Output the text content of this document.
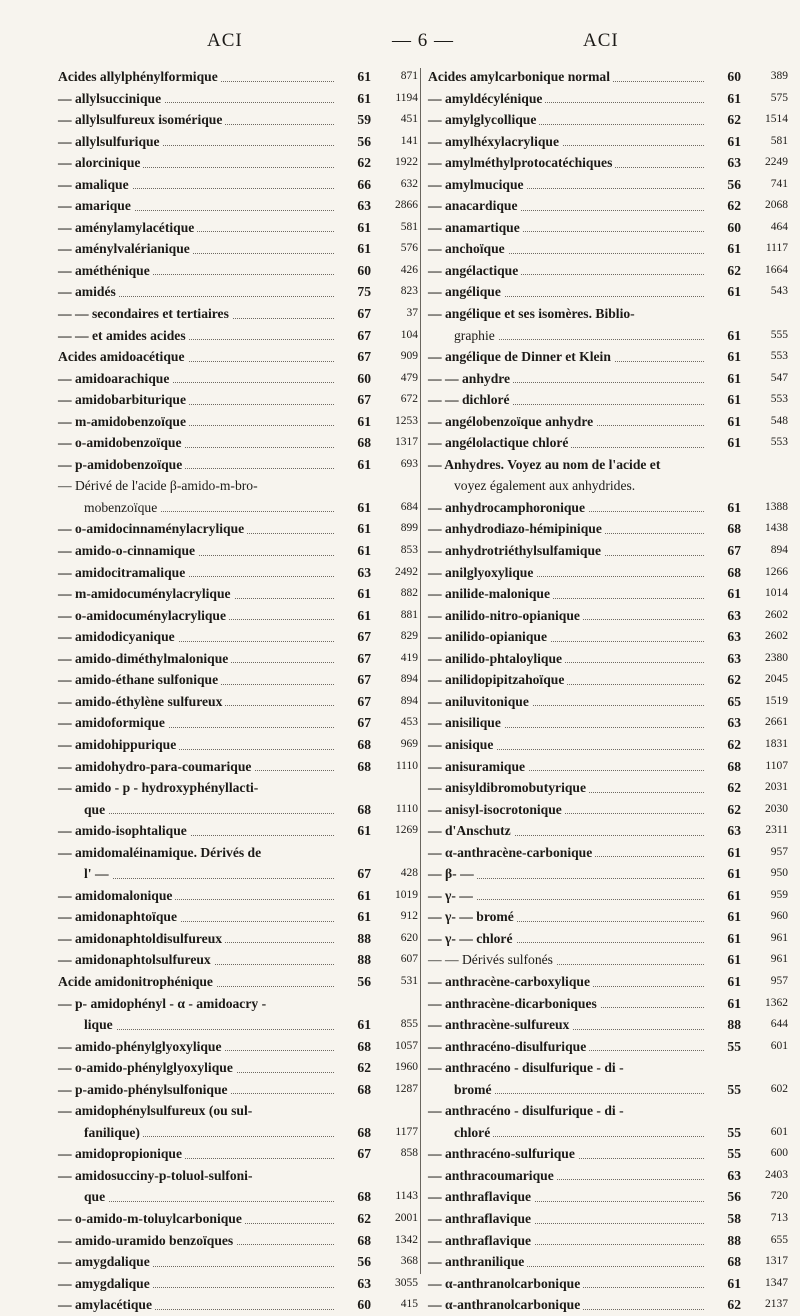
ACI	— 6 —	ACI
Acides allylphénylformique	61	871
— allylsuccinique	61	1194
— allylsulfureux isomérique	59	451
— allylsulfurique	56	141
— alorcinique	62	1922
— amalique	66	632
— amarique	63	2866
— aménylamylacétique	61	581
— aménylvalérianique	61	576
— améthénique	60	426
— amidés	75	823
— — secondaires et tertiaires	67	37
— — et amides acides	67	104
Acides amidoacétique	67	909
— amidoarachique	60	479
— amidobarbiturique	67	672
— m-amidobenzoïque	61	1253
— o-amidobenzoïque	68	1317
— p-amidobenzoïque	61	693
— Dérivé de l'acide β-amido-m-bro-
mobenzoïque	61	684
— o-amidocinnaménylacrylique	61	899
— amido-o-cinnamique	61	853
— amidocitramalique	63	2492
— m-amidocuménylacrylique	61	882
— o-amidocuménylacrylique	61	881
— amidodicyanique	67	829
— amido-diméthylmalonique	67	419
— amido-éthane sulfonique	67	894
— amido-éthylène sulfureux	67	894
— amidoformique	67	453
— amidohippurique	68	969
— amidohydro-para-coumarique	68	1110
— amido - p - hydroxyphényllacti-
que	68	1110
— amido-isophtalique	61	1269
— amidomaléinamique. Dérivés de
l' —	67	428
— amidomalonique	61	1019
— amidonaphtoïque	61	912
— amidonaphtoldisulfureux	88	620
— amidonaphtolsulfureux	88	607
Acide amidonitrophénique	56	531
— p- amidophényl - α - amidoacry -
lique	61	855
— amido-phénylglyoxylique	68	1057
— o-amido-phénylglyoxylique	62	1960
— p-amido-phénylsulfonique	68	1287
— amidophénylsulfureux (ou sul-
fanilique)	68	1177
— amidopropionique	67	858
— amidosucciny-p-toluol-sulfoni-
que	68	1143
— o-amido-m-toluylcarbonique	62	2001
— amido-uramido benzoïques	68	1342
— amygdalique	56	368
— amygdalique	63	3055
— amylacétique	60	415
Acides amylcarbonique normal	60	389
— amyldécylénique	61	575
— amylglycollique	62	1514
— amylhéxylacrylique	61	581
— amylméthylprotocatéchiques	63	2249
— amylmucique	56	741
— anacardique	62	2068
— anamartique	60	464
— anchoïque	61	1117
— angélactique	62	1664
— angélique	61	543
— angélique et ses isomères. Biblio-
graphie	61	555
— angélique de Dinner et Klein	61	553
— — anhydre	61	547
— — dichloré	61	553
— angélobenzoïque anhydre	61	548
— angélolactique chloré	61	553
— Anhydres. Voyez au nom de l'acide et
voyez également aux anhydrides.
— anhydrocamphoronique	61	1388
— anhydrodiazo-hémipinique	68	1438
— anhydrotriéthylsulfamique	67	894
— anilglyoxylique	68	1266
— anilide-malonique	61	1014
— anilido-nitro-opianique	63	2602
— anilido-opianique	63	2602
— anilido-phtaloylique	63	2380
— anilidopipitzahoïque	62	2045
— aniluvitonique	65	1519
— anisilique	63	2661
— anisique	62	1831
— anisuramique	68	1107
— anisyldibromobutyrique	62	2031
— anisyl-isocrotonique	62	2030
— d'Anschutz	63	2311
— α-anthracène-carbonique	61	957
— β- —	61	950
— γ- —	61	959
— γ- — bromé	61	960
— γ- — chloré	61	961
— — Dérivés sulfonés	61	961
— anthracène-carboxylique	61	957
— anthracène-dicarboniques	61	1362
— anthracène-sulfureux	88	644
— anthracéno-disulfurique	55	601
— anthracéno - disulfurique - di -
bromé	55	602
— anthracéno - disulfurique - di -
chloré	55	601
— anthracéno-sulfurique	55	600
— anthracoumarique	63	2403
— anthraflavique	56	720
— anthraflavique	58	713
— anthraflavique	88	655
— anthranilique	68	1317
— α-anthranolcarbonique	61	1347
— α-anthranolcarbonique	62	2137
